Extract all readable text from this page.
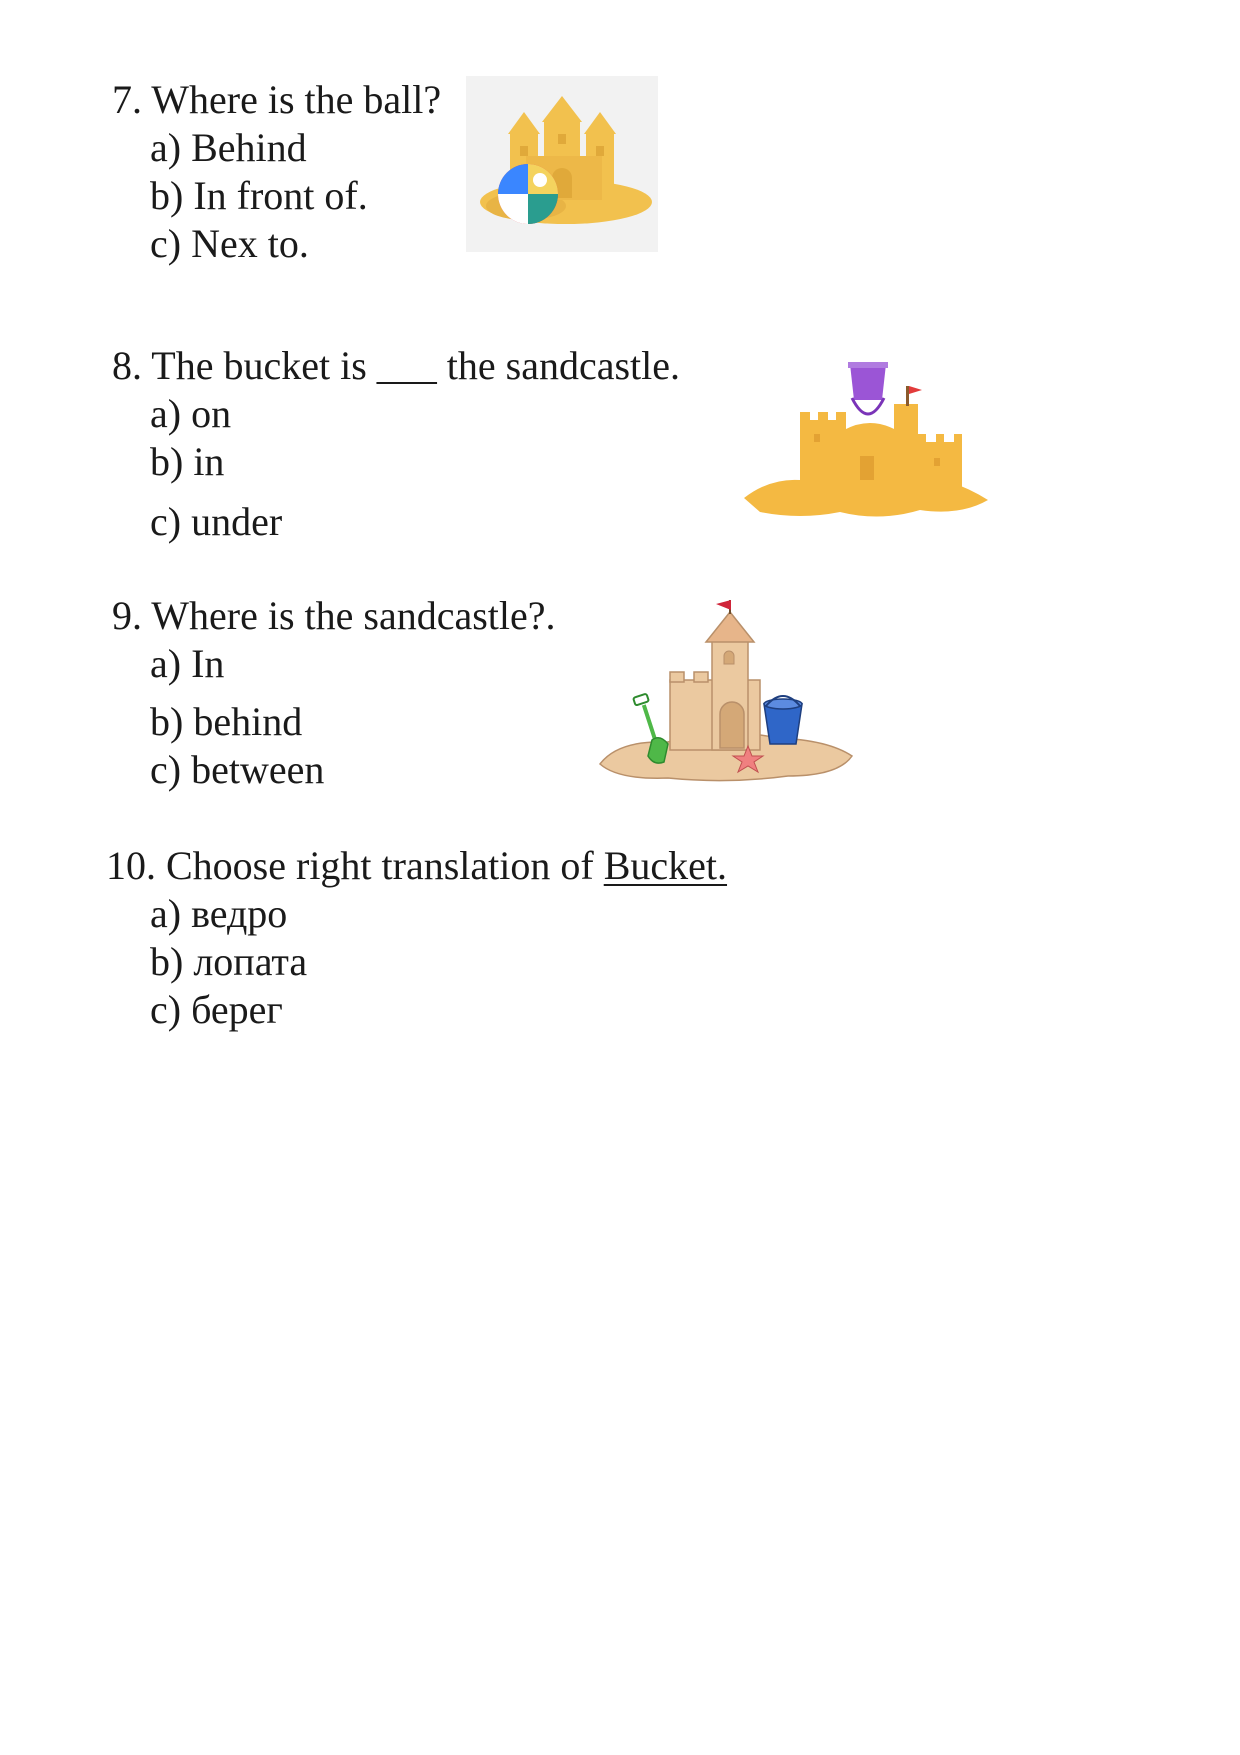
7. Where is the ball?
a) Behind
b) In front of.
c) Nex to.
8. The bucket is ___ the sandcastle.
a) on
b) in
c) under
9. Where is the sandcastle?.
a) In
b) behind
c) between
10. Choose right translation of Bucket.
a) ведро
b) лопата
c) берег
